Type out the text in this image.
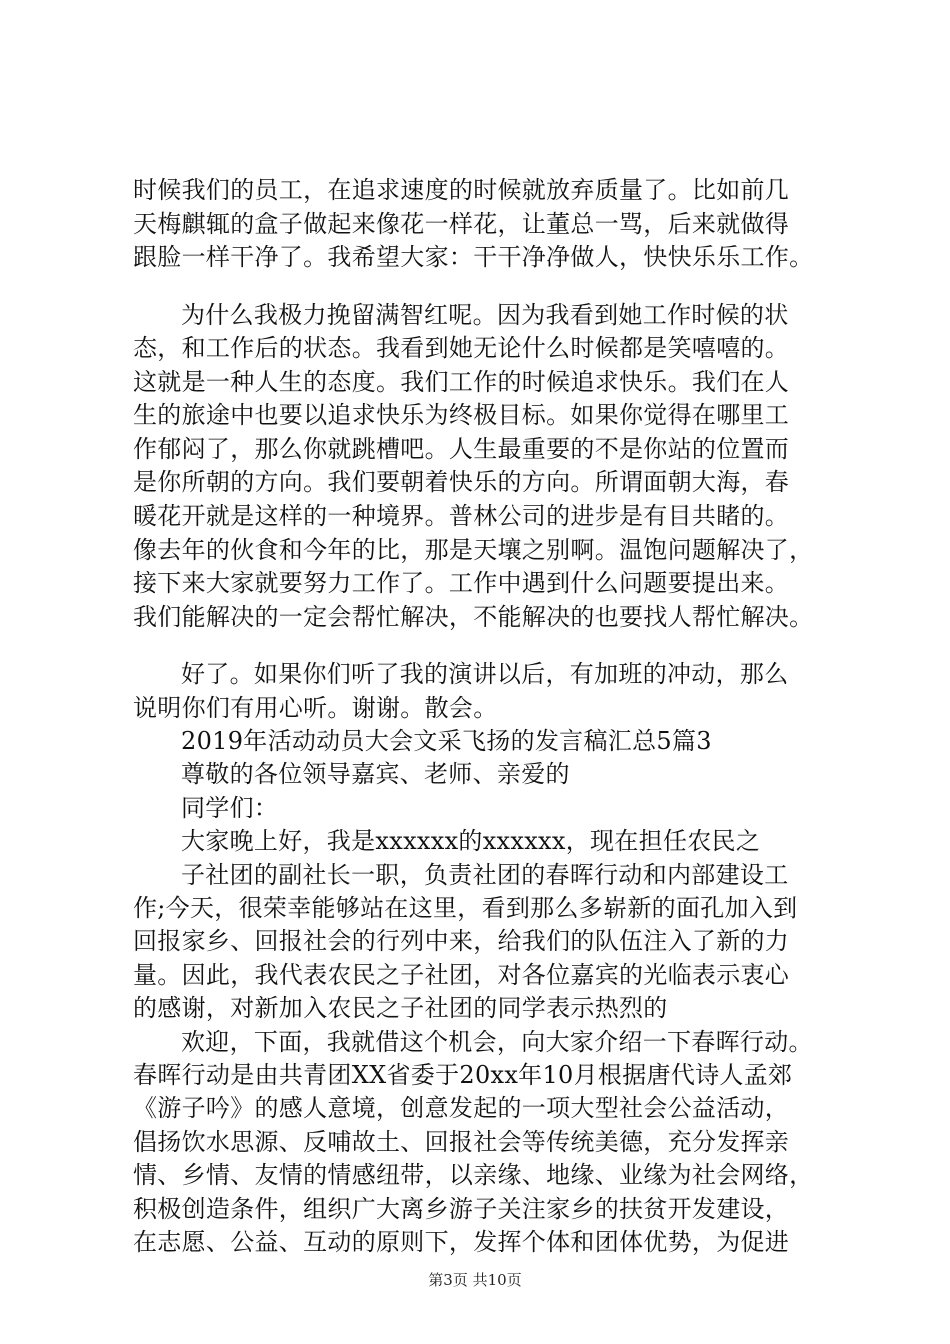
时候我们的员工，在追求速度的时候就放弃质量了。比如前几
天梅麒辄的盒子做起来像花一样花，让董总一骂，后来就做得
跟脸一样干净了。我希望大家：干干净净做人，快快乐乐工作。
为什么我极力挽留满智红呢。因为我看到她工作时候的状
态，和工作后的状态。我看到她无论什么时候都是笑嘻嘻的。
这就是一种人生的态度。我们工作的时候追求快乐。我们在人
生的旅途中也要以追求快乐为终极目标。如果你觉得在哪里工
作郁闷了，那么你就跳槽吧。人生最重要的不是你站的位置而
是你所朝的方向。我们要朝着快乐的方向。所谓面朝大海，春
暖花开就是这样的一种境界。普林公司的进步是有目共睹的。
像去年的伙食和今年的比，那是天壤之别啊。温饱问题解决了，
接下来大家就要努力工作了。工作中遇到什么问题要提出来。
我们能解决的一定会帮忙解决，不能解决的也要找人帮忙解决。
好了。如果你们听了我的演讲以后，有加班的冲动，那么
说明你们有用心听。谢谢。散会。
2019年活动动员大会文采飞扬的发言稿汇总5篇3
尊敬的各位领导嘉宾、老师、亲爱的
同学们：
大家晚上好，我是xxxxxx的xxxxxx，现在担任农民之
子社团的副社长一职，负责社团的春晖行动和内部建设工
作;今天，很荣幸能够站在这里，看到那么多崭新的面孔加入到
回报家乡、回报社会的行列中来，给我们的队伍注入了新的力
量。因此，我代表农民之子社团，对各位嘉宾的光临表示衷心
的感谢，对新加入农民之子社团的同学表示热烈的
欢迎，下面，我就借这个机会，向大家介绍一下春晖行动。
春晖行动是由共青团XX省委于20xx年10月根据唐代诗人孟郊
《游子吟》的感人意境，创意发起的一项大型社会公益活动，
倡扬饮水思源、反哺故土、回报社会等传统美德，充分发挥亲
情、乡情、友情的情感纽带，以亲缘、地缘、业缘为社会网络，
积极创造条件，组织广大离乡游子关注家乡的扶贫开发建设，
在志愿、公益、互动的原则下，发挥个体和团体优势，为促进
第3页 共10页
